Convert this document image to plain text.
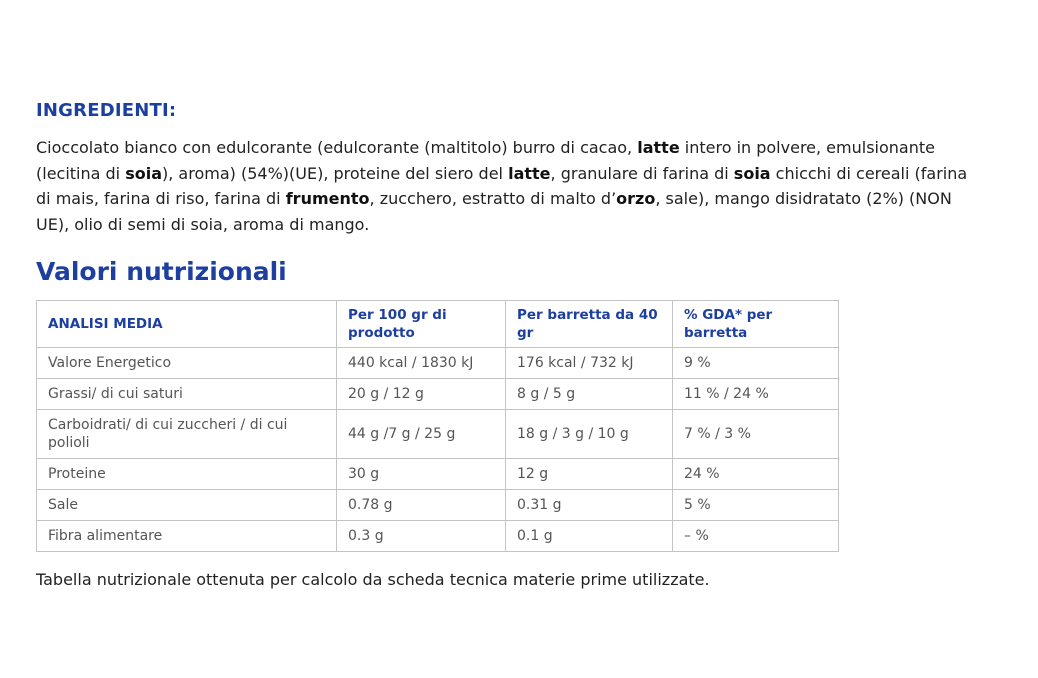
INGREDIENTI:

Cioccolato bianco con edulcorante (edulcorante (maltitolo) burro di cacao, latte intero in polvere, emulsionante (lecitina di soia), aroma) (54%)(UE), proteine del siero del latte, granulare di farina di soia chicchi di cereali (farina di mais, farina di riso, farina di frumento, zucchero, estratto di malto d’orzo, sale), mango disidratato (2%) (NON UE), olio di semi di soia, aroma di mango.

Valori nutrizionali
ANALISI MEDIA	Per 100 gr di prodotto	Per barretta da 40 gr	% GDA* per barretta
Valore Energetico	440 kcal / 1830 kJ	176 kcal / 732 kJ	9 %
Grassi/ di cui saturi	20 g / 12 g	8 g / 5 g	11 % / 24 %
Carboidrati/ di cui zuccheri / di cui polioli	44 g /7 g / 25 g	18 g / 3 g / 10 g	7 % / 3 %
Proteine	30 g	12 g	24 %
Sale	0.78 g	0.31 g	5 %
Fibra alimentare	0.3 g	0.1 g	– %
Tabella nutrizionale ottenuta per calcolo da scheda tecnica materie prime utilizzate.
